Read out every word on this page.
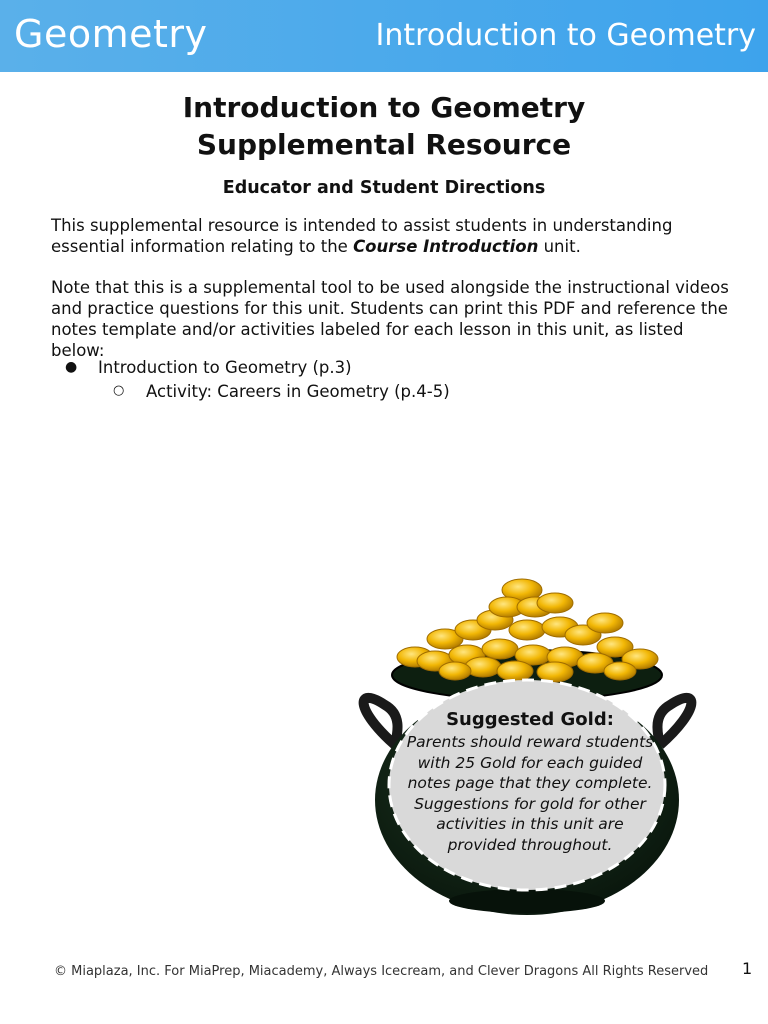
Geometry	Introduction to Geometry
Introduction to Geometry
Supplemental Resource
Educator and Student Directions
This supplemental resource is intended to assist students in understanding essential information relating to the Course Introduction unit.
Note that this is a supplemental tool to be used alongside the instructional videos and practice questions for this unit. Students can print this PDF and reference the notes template and/or activities labeled for each lesson in this unit, as listed below:
● Introduction to Geometry (p.3)
○ Activity: Careers in Geometry (p.4-5)
Suggested Gold:
Parents should reward students with 25 Gold for each guided notes page that they complete. Suggestions for gold for other activities in this unit are provided throughout.
© Miaplaza, Inc. For MiaPrep, Miacademy, Always Icecream, and Clever Dragons All Rights Reserved 1
